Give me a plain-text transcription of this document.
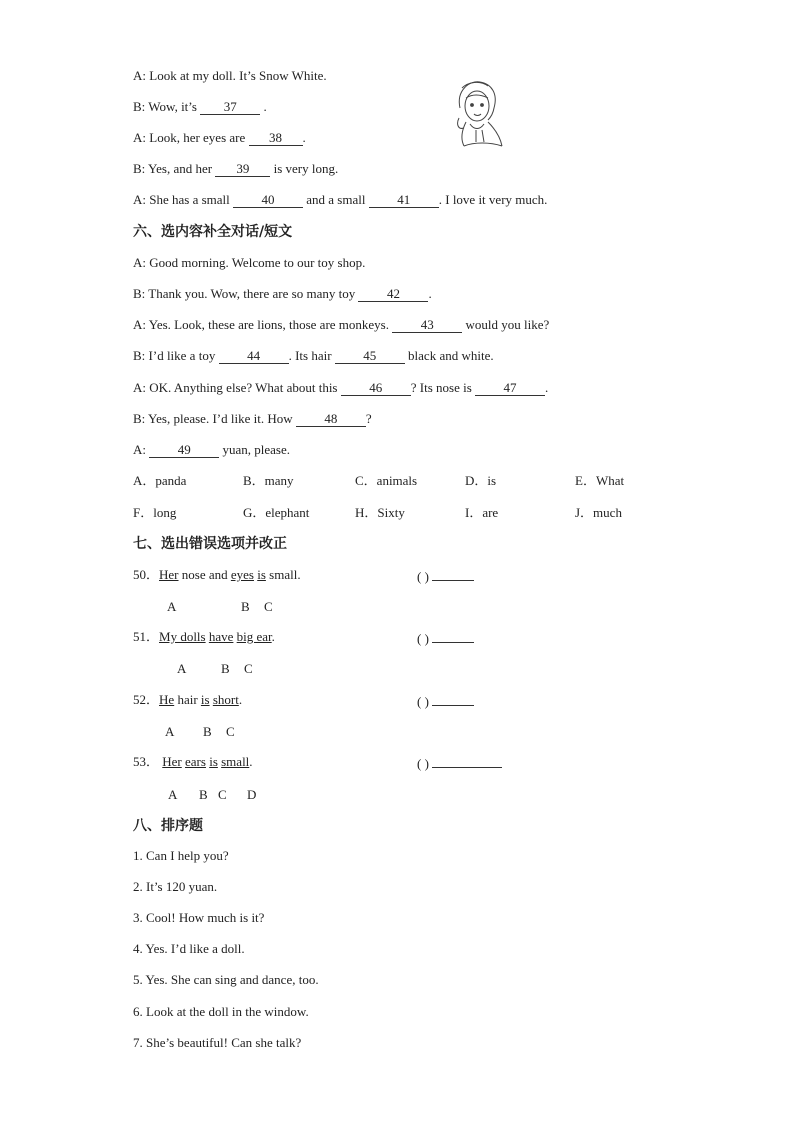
A: Look at my doll. It’s Snow White.
B: Wow, it’s 37 .
A: Look, her eyes are 38 .
B: Yes, and her 39 is very long.
A: She has a small 40 and a small 41 . I love it very much.
六、选内容补全对话/短文
A: Good morning. Welcome to our toy shop.
B: Thank you. Wow, there are so many toy 42 .
A: Yes. Look, these are lions, those are monkeys. 43 would you like?
B: I’d like a toy 44 . Its hair 45 black and white.
A: OK. Anything else? What about this 46 ? Its nose is 47 .
B: Yes, please. I’d like it. How 48 ?
A: 49 yuan, please.
A．panda	B．many	C．animals	D．is	E．What
F．long	G．elephant	H．Sixty	I．are	J．much
七、选出错误选项并改正
50．Her nose and eyes is small.	( )
A	B C
51．My dolls have big ear.	( )
A	B C
52．He hair is short.	( )
A B C
53． Her ears is small.	( )
A B C D
八、排序题
1. Can I help you?
2. It’s 120 yuan.
3. Cool! How much is it?
4. Yes. I’d like a doll.
5. Yes. She can sing and dance, too.
6. Look at the doll in the window.
7. She’s beautiful! Can she talk?
